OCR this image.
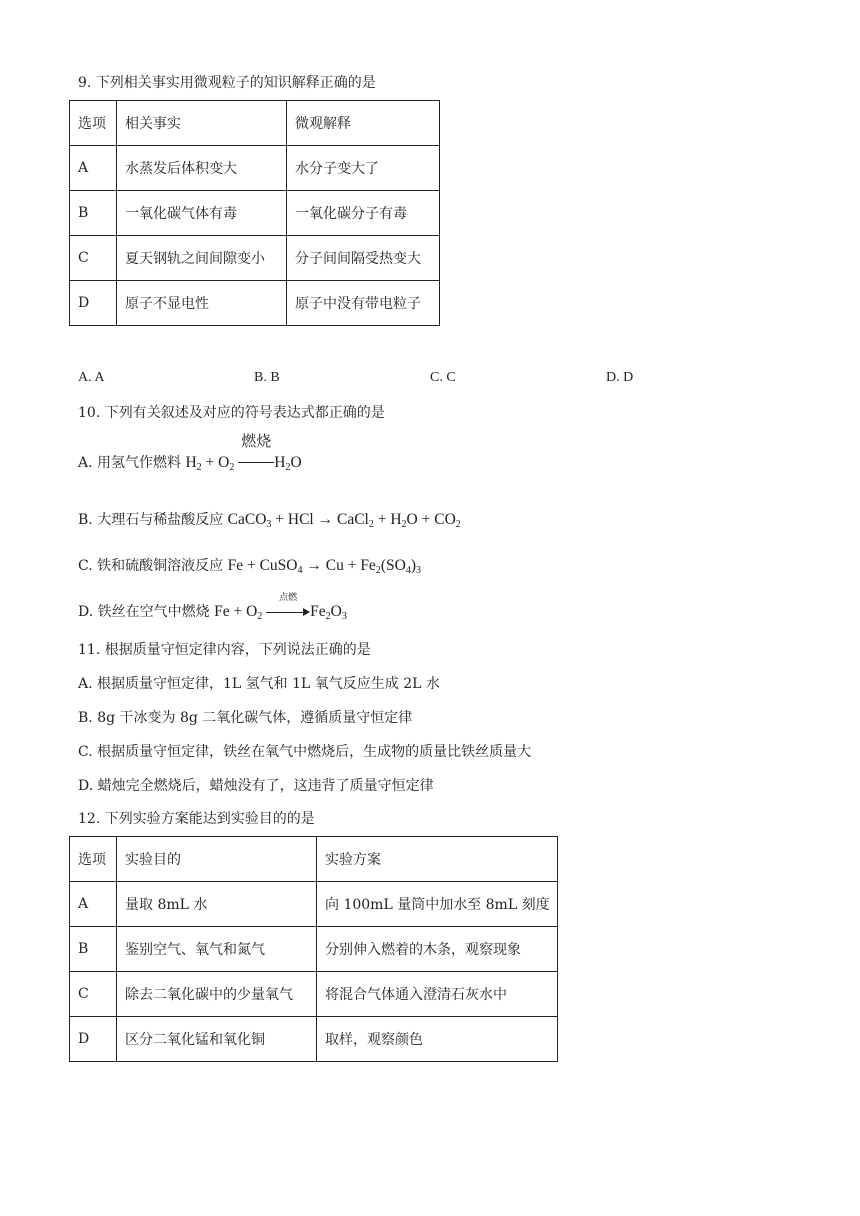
9. 下列相关事实用微观粒子的知识解释正确的是
选项	相关事实	微观解释
A	水蒸发后体积变大	水分子变大了
B	一氧化碳气体有毒	一氧化碳分子有毒
C	夏天钢轨之间间隙变小	分子间间隔受热变大
D	原子不显电性	原子中没有带电粒子
A. A	B. B	C. C	D. D
10. 下列有关叙述及对应的符号表达式都正确的是
A. 用氢气作燃料 $H_2 + O_2$
燃烧
$H_2O$
B. 大理石与稀盐酸反应 CaCO$_3$ + HCl → CaCl$_2$ + $H_2O + CO_2$
C. 铁和硫酸铜溶液反应 Fe + CuSO$_4$ → $Cu + Fe_2(SO_4)_3$
D. 铁丝在空气中燃烧 $Fe + O_2$
点燃
$Fe_2O_3$
11. 根据质量守恒定律内容，下列说法正确的是
A. 根据质量守恒定律，1L 氢气和 1L 氧气反应生成 2L 水
B. 8g 干冰变为 8g 二氧化碳气体，遵循质量守恒定律
C. 根据质量守恒定律，铁丝在氧气中燃烧后，生成物的质量比铁丝质量大
D. 蜡烛完全燃烧后，蜡烛没有了，这违背了质量守恒定律
12. 下列实验方案能达到实验目的的是
选项	实验目的	实验方案
A	量取 8mL 水	向 100mL 量筒中加水至 8mL 刻度
B	鉴别空气、氧气和氮气	分别伸入燃着的木条，观察现象
C	除去二氧化碳中的少量氧气	将混合气体通入澄清石灰水中
D	区分二氧化锰和氧化铜	取样，观察颜色
